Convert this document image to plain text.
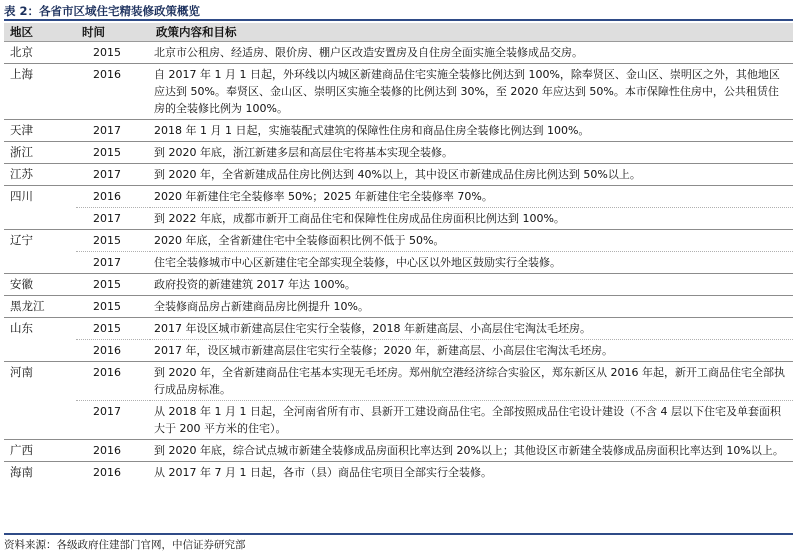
表 2：各省市区域住宅精装修政策概览
地区	时间	政策内容和目标
北京	2015	北京市公租房、经适房、限价房、棚户区改造安置房及自住房全面实施全装修成品交房。
上海	2016	自 2017 年 1 月 1 日起，外环线以内城区新建商品住宅实施全装修比例达到 100%，除奉贤区、金山区、崇明区之外，其他地区应达到 50%。奉贤区、金山区、崇明区实施全装修的比例达到 30%，至 2020 年应达到 50%。本市保障性住房中，公共租赁住房的全装修比例为 100%。
天津	2017	2018 年 1 月 1 日起，实施装配式建筑的保障性住房和商品住房全装修比例达到 100%。
浙江	2015	到 2020 年底，浙江新建多层和高层住宅将基本实现全装修。
江苏	2017	到 2020 年，全省新建成品住房比例达到 40%以上，其中设区市新建成品住房比例达到 50%以上。
四川	2016	2020 年新建住宅全装修率 50%；2025 年新建住宅全装修率 70%。
	2017	到 2022 年底，成都市新开工商品住宅和保障性住房成品住房面积比例达到 100%。
辽宁	2015	2020 年底，全省新建住宅中全装修面积比例不低于 50%。
	2017	住宅全装修城市中心区新建住宅全部实现全装修，中心区以外地区鼓励实行全装修。
安徽	2015	政府投资的新建建筑 2017 年达 100%。
黑龙江	2015	全装修商品房占新建商品房比例提升 10%。
山东	2015	2017 年设区城市新建高层住宅实行全装修，2018 年新建高层、小高层住宅淘汰毛坯房。
	2016	2017 年，设区城市新建高层住宅实行全装修；2020 年，新建高层、小高层住宅淘汰毛坯房。
河南	2016	到 2020 年，全省新建商品住宅基本实现无毛坯房。郑州航空港经济综合实验区，郑东新区从 2016 年起，新开工商品住宅全部执行成品房标准。
	2017	从 2018 年 1 月 1 日起，全河南省所有市、县新开工建设商品住宅。全部按照成品住宅设计建设（不含 4 层以下住宅及单套面积大于 200 平方米的住宅）。
广西	2016	到 2020 年底，综合试点城市新建全装修成品房面积比率达到 20%以上；其他设区市新建全装修成品房面积比率达到 10%以上。
海南	2016	从 2017 年 7 月 1 日起，各市（县）商品住宅项目全部实行全装修。
资料来源：各级政府住建部门官网，中信证券研究部
